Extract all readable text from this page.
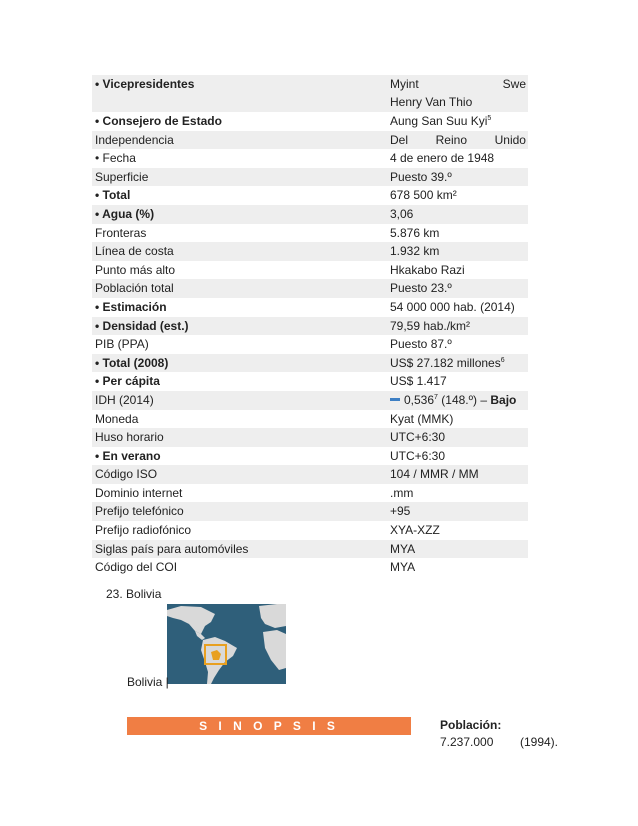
• Vicepresidentes	Myint	Swe
Henry Van Thio
• Consejero de Estado	Aung San Suu Kyi$^5$
Independencia	Del Reino Unido
• Fecha	4 de enero de 1948
Superficie	Puesto 39.º
• Total	678 500 km²
• Agua (%)	3,06
Fronteras	5.876 km
Línea de costa	1.932 km
Punto más alto	Hkakabo Razi
Población total	Puesto 23.º
• Estimación	54 000 000 hab. (2014)
• Densidad (est.)	79,59 hab./km²
PIB (PPA)	Puesto 87.º
• Total (2008)	US$ 27.182 millones$^6$
• Per cápita	US$ 1.417
IDH (2014)	0,536$^7$ (148.º) – Bajo
Moneda	Kyat (MMK)
Huso horario	UTC+6:30
• En verano	UTC+6:30
Código ISO	104 / MMR / MM
Dominio internet	.mm
Prefijo telefónico	+95
Prefijo radiofónico	XYA-XZZ
Siglas país para automóviles	MYA
Código del COI	MYA
23. Bolivia
Bolivia |
S I N O P S I S	Población:
7.237.000 (1994).
